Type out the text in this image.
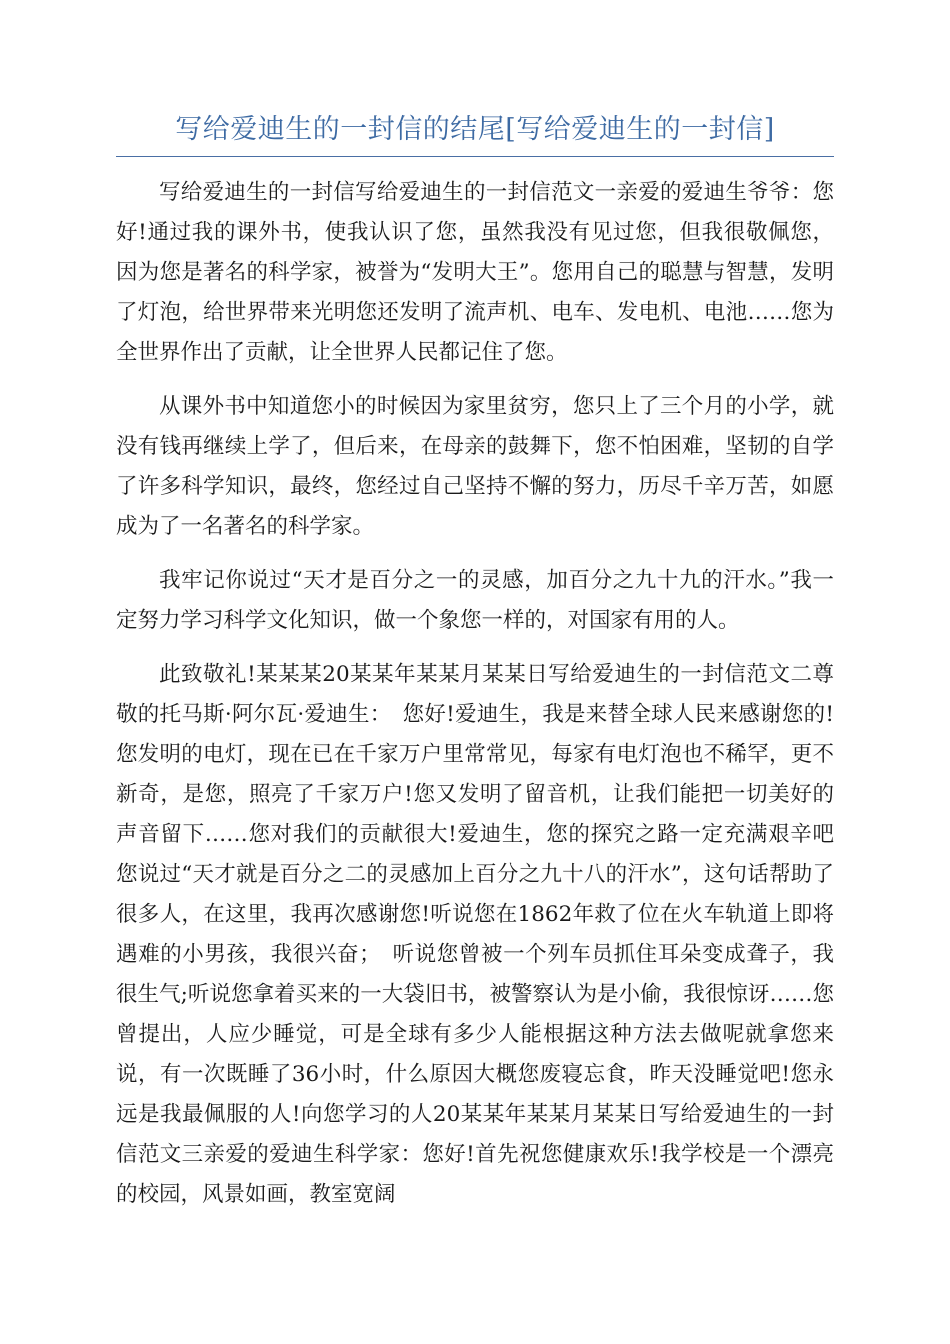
写给爱迪生的一封信的结尾[写给爱迪生的一封信]

写给爱迪生的一封信写给爱迪生的一封信范文一亲爱的爱迪生爷爷：您好!通过我的课外书，使我认识了您，虽然我没有见过您，但我很敬佩您，因为您是著名的科学家，被誉为“发明大王”。您用自己的聪慧与智慧，发明了灯泡，给世界带来光明您还发明了流声机、电车、发电机、电池……您为全世界作出了贡献，让全世界人民都记住了您。

从课外书中知道您小的时候因为家里贫穷，您只上了三个月的小学，就没有钱再继续上学了，但后来，在母亲的鼓舞下，您不怕困难，坚韧的自学了许多科学知识，最终，您经过自己坚持不懈的努力，历尽千辛万苦，如愿成为了一名著名的科学家。

我牢记你说过“天才是百分之一的灵感，加百分之九十九的汗水。”我一定努力学习科学文化知识，做一个象您一样的，对国家有用的人。

此致敬礼!某某某20某某年某某月某某日写给爱迪生的一封信范文二尊敬的托马斯·阿尔瓦·爱迪生：　您好!爱迪生，我是来替全球人民来感谢您的!您发明的电灯，现在已在千家万户里常常见，每家有电灯泡也不稀罕，更不新奇，是您，照亮了千家万户!您又发明了留音机，让我们能把一切美好的声音留下……您对我们的贡献很大!爱迪生，您的探究之路一定充满艰辛吧您说过“天才就是百分之二的灵感加上百分之九十八的汗水”，这句话帮助了很多人，在这里，我再次感谢您!听说您在1862年救了位在火车轨道上即将遇难的小男孩，我很兴奋；　听说您曾被一个列车员抓住耳朵变成聋子，我很生气;听说您拿着买来的一大袋旧书，被警察认为是小偷，我很惊讶……您曾提出，人应少睡觉，可是全球有多少人能根据这种方法去做呢就拿您来说，有一次既睡了36小时，什么原因大概您废寝忘食，昨天没睡觉吧!您永远是我最佩服的人!向您学习的人20某某年某某月某某日写给爱迪生的一封信范文三亲爱的爱迪生科学家：您好!首先祝您健康欢乐!我学校是一个漂亮的校园，风景如画，教室宽阔
